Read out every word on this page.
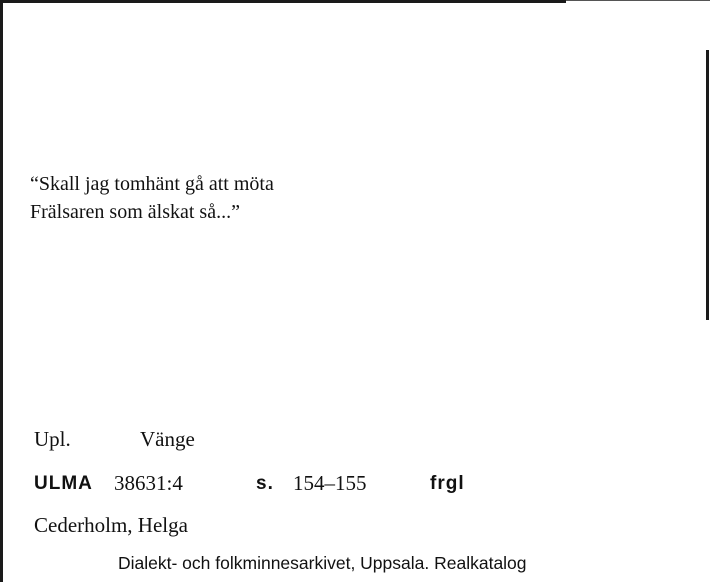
“Skall jag tomhänt gå att möta
Frälsaren som älskat så...”
Upl.	Vänge
ULMA 38631:4	s. 154–155	frgl
Cederholm, Helga
Dialekt- och folkminnesarkivet, Uppsala. Realkatalog
